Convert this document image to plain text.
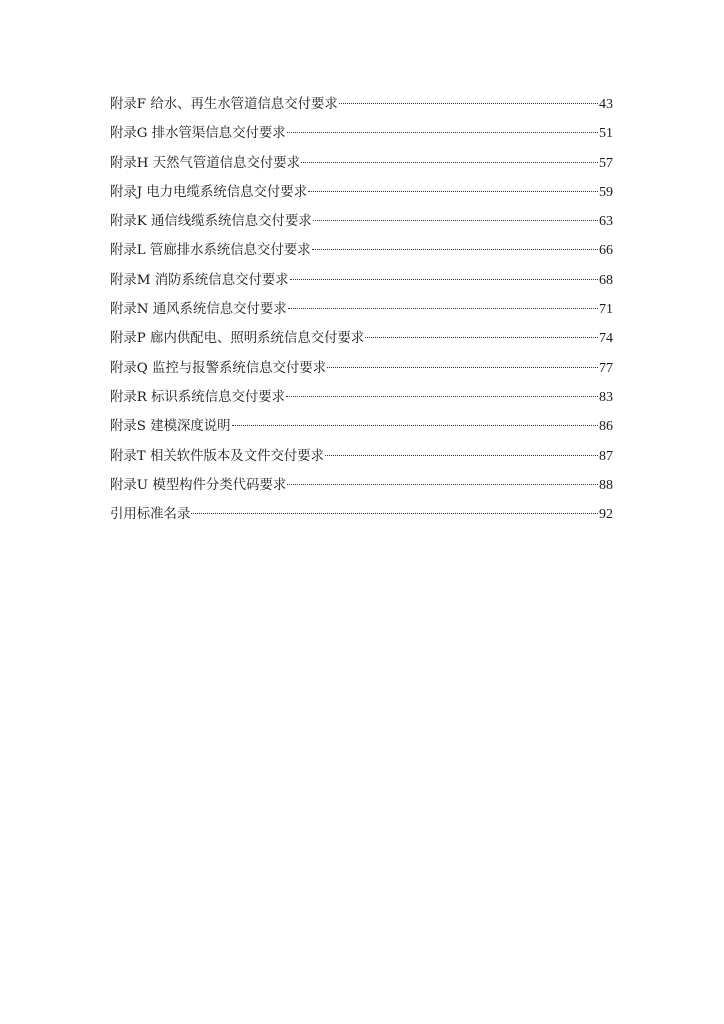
附录F 给水、再生水管道信息交付要求	43
附录G 排水管渠信息交付要求	51
附录H 天然气管道信息交付要求	57
附录J 电力电缆系统信息交付要求	59
附录K 通信线缆系统信息交付要求	63
附录L 管廊排水系统信息交付要求	66
附录M 消防系统信息交付要求	68
附录N 通风系统信息交付要求	71
附录P 廊内供配电、照明系统信息交付要求	74
附录Q 监控与报警系统信息交付要求	77
附录R 标识系统信息交付要求	83
附录S 建模深度说明	86
附录T 相关软件版本及文件交付要求	87
附录U 模型构件分类代码要求	88
引用标准名录	92
